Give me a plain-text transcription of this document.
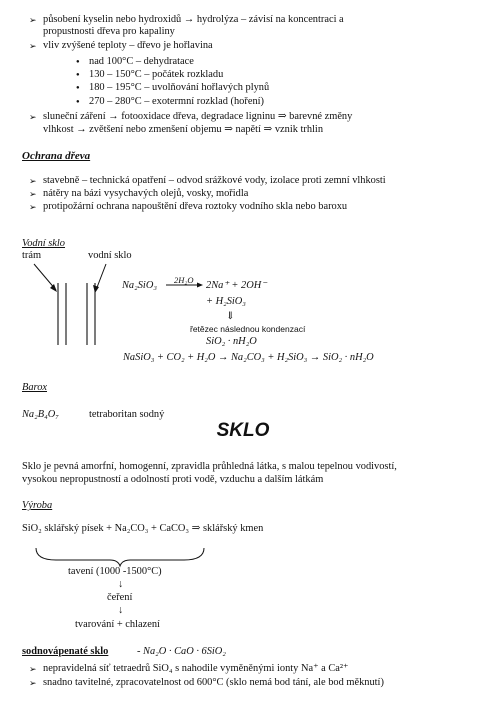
➢ působení kyselin nebo hydroxidů → hydrolýza – závisí na koncentraci a
propustnosti dřeva pro kapaliny
➢ vliv zvýšené teploty – dřevo je hořlavina
● nad 100°C – dehydratace
● 130 – 150°C – počátek rozkladu
● 180 – 195°C – uvolňování hořlavých plynů
● 270 – 280°C – exotermní rozklad (hoření)
➢ sluneční záření → fotooxidace dřeva, degradace ligninu ⇒ barevné změny
vlhkost → zvětšení nebo zmenšení objemu ⇒ napětí ⇒ vznik trhlin
Ochrana dřeva
➢ stavebně – technická opatření – odvod srážkové vody, izolace proti zemní vlhkosti
➢ nátěry na bázi vysychavých olejů, vosky, mořidla
➢ protipožární ochrana napouštění dřeva roztoky vodního skla nebo baroxu
Vodní sklo
trám	vodní sklo
Na₂SiO₃ 2H₂O 2Na⁺ + 2OH⁻
+ H₂SiO₃
⇓
řetězec následnou kondenzací
SiO₂ · nH₂O
NaSiO₃ + CO₂ + H₂O → Na₂CO₃ + H₂SiO₃ → SiO₂ · nH₂O
Barox
Na₂B₄O₇	tetraboritan sodný
SKLO
Sklo je pevná amorfní, homogenní, zpravidla průhledná látka, s malou tepelnou vodivostí,
vysokou nepropustností a odolností proti vodě, vzduchu a dalším látkám
Výroba
SiO₂ sklářský písek + Na₂CO₃ + CaCO₃ ⇒ sklářský kmen
tavení (1000 -1500°C)
↓
čeření
↓
tvarování + chlazení
sodnovápenaté sklo	- Na₂O · CaO · 6SiO₂
➢ nepravidelná síť tetraedrů SiO₄ s nahodile vyměněnými ionty Na⁺ a Ca²⁺
➢ snadno tavitelné, zpracovatelnost od 600°C (sklo nemá bod tání, ale bod měknutí)
